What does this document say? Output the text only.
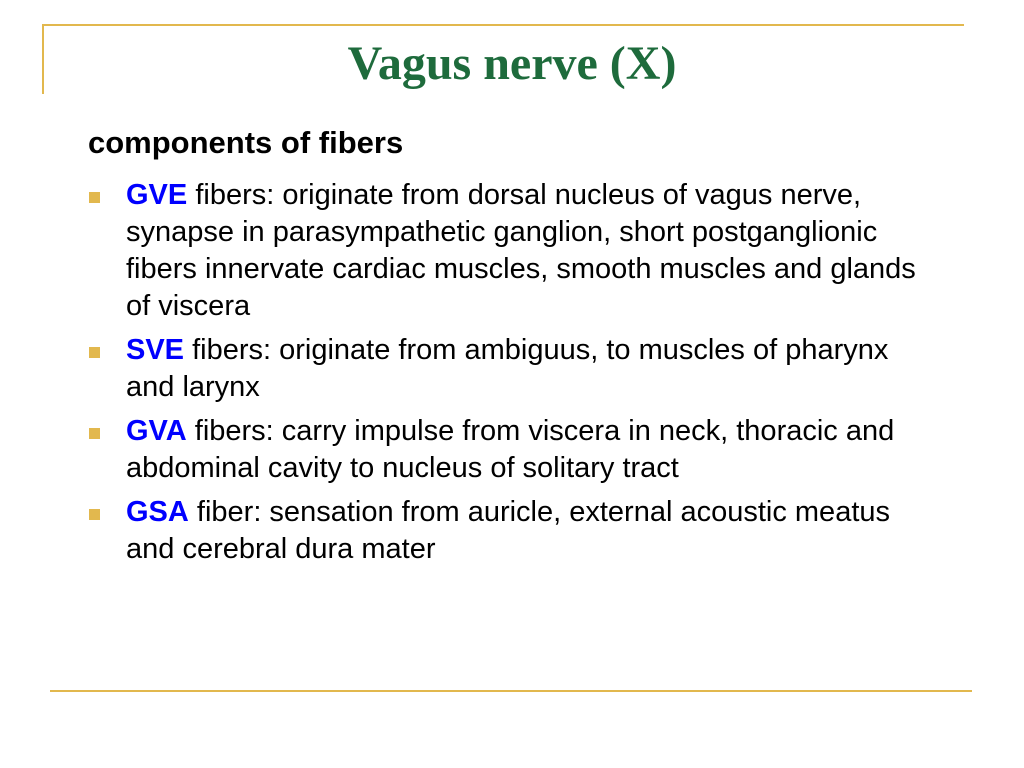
Vagus nerve (X)
components of fibers
GVE fibers: originate from dorsal nucleus of vagus nerve, synapse in parasympathetic ganglion, short postganglionic fibers innervate cardiac muscles, smooth muscles and glands of viscera
SVE fibers: originate from ambiguus, to muscles of pharynx and larynx
GVA fibers: carry impulse from viscera in neck, thoracic and abdominal cavity to nucleus of solitary tract
GSA fiber: sensation from auricle, external acoustic meatus and cerebral dura mater
